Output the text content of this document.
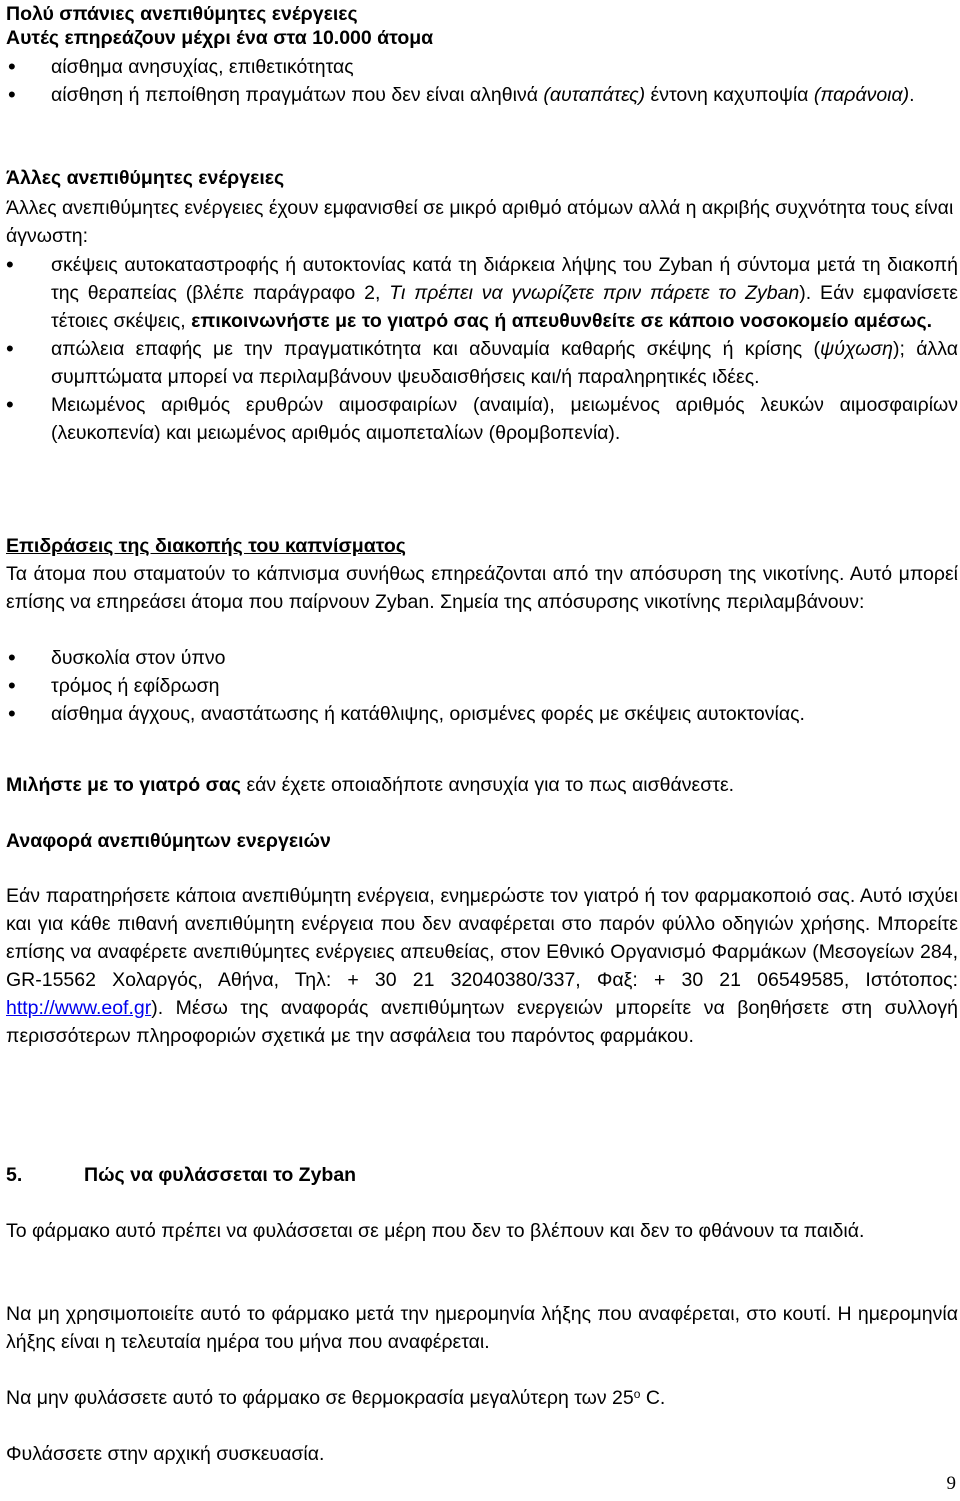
Πολύ σπάνιες ανεπιθύμητες ενέργειες

Αυτές επηρεάζουν μέχρι ένα στα 10.000 άτομα

• αίσθημα ανησυχίας, επιθετικότητας
• αίσθηση ή πεποίθηση πραγμάτων που δεν είναι αληθινά (αυταπάτες) έντονη καχυποψία (παράνοια).

Άλλες ανεπιθύμητες ενέργειες

Άλλες ανεπιθύμητες ενέργειες έχουν εμφανισθεί σε μικρό αριθμό ατόμων αλλά η ακριβής συχνότητα τους είναι άγνωστη:

• σκέψεις αυτοκαταστροφής ή αυτοκτονίας κατά τη διάρκεια λήψης του Zyban ή σύντομα μετά τη διακοπή της θεραπείας (βλέπε παράγραφο 2, Τι πρέπει να γνωρίζετε πριν πάρετε το Zyban). Εάν εμφανίσετε τέτοιες σκέψεις, επικοινωνήστε με το γιατρό σας ή απευθυνθείτε σε κάποιο νοσοκομείο αμέσως.
• απώλεια επαφής με την πραγματικότητα και αδυναμία καθαρής σκέψης ή κρίσης (ψύχωση); άλλα συμπτώματα μπορεί να περιλαμβάνουν ψευδαισθήσεις και/ή παραληρητικές ιδέες.
• Μειωμένος αριθμός ερυθρών αιμοσφαιρίων (αναιμία), μειωμένος αριθμός λευκών αιμοσφαιρίων (λευκοπενία) και μειωμένος αριθμός αιμοπεταλίων (θρομβοπενία).

Επιδράσεις της διακοπής του καπνίσματος

Τα άτομα που σταματούν το κάπνισμα συνήθως επηρεάζονται από την απόσυρση της νικοτίνης. Αυτό μπορεί επίσης να επηρεάσει άτομα που παίρνουν Zyban. Σημεία της απόσυρσης νικοτίνης περιλαμβάνουν:

• δυσκολία στον ύπνο
• τρόμος ή εφίδρωση
• αίσθημα άγχους, αναστάτωσης ή κατάθλιψης, ορισμένες φορές με σκέψεις αυτοκτονίας.

Μιλήστε με το γιατρό σας εάν έχετε οποιαδήποτε ανησυχία για το πως αισθάνεστε.

Αναφορά ανεπιθύμητων ενεργειών

Εάν παρατηρήσετε κάποια ανεπιθύμητη ενέργεια, ενημερώστε τον γιατρό ή τον φαρμακοποιό σας. Αυτό ισχύει και για κάθε πιθανή ανεπιθύμητη ενέργεια που δεν αναφέρεται στο παρόν φύλλο οδηγιών χρήσης. Μπορείτε επίσης να αναφέρετε ανεπιθύμητες ενέργειες απευθείας, στον Εθνικό Οργανισμό Φαρμάκων (Μεσογείων 284, GR-15562 Χολαργός, Αθήνα, Τηλ: + 30 21 32040380/337, Φαξ: + 30 21 06549585, Ιστότοπος: http://www.eof.gr). Μέσω της αναφοράς ανεπιθύμητων ενεργειών μπορείτε να βοηθήσετε στη συλλογή περισσότερων πληροφοριών σχετικά με την ασφάλεια του παρόντος φαρμάκου.

5.	Πώς να φυλάσσεται το Zyban

Το φάρμακο αυτό πρέπει να φυλάσσεται σε μέρη που δεν το βλέπουν και δεν το φθάνουν τα παιδιά.

Να μη χρησιμοποιείτε αυτό το φάρμακο μετά την ημερομηνία λήξης που αναφέρεται, στο κουτί. Η ημερομηνία λήξης είναι η τελευταία ημέρα του μήνα που αναφέρεται.

Να μην φυλάσσετε αυτό το φάρμακο σε θερμοκρασία μεγαλύτερη των 25$^o$ C.

Φυλάσσετε στην αρχική συσκευασία.

9
